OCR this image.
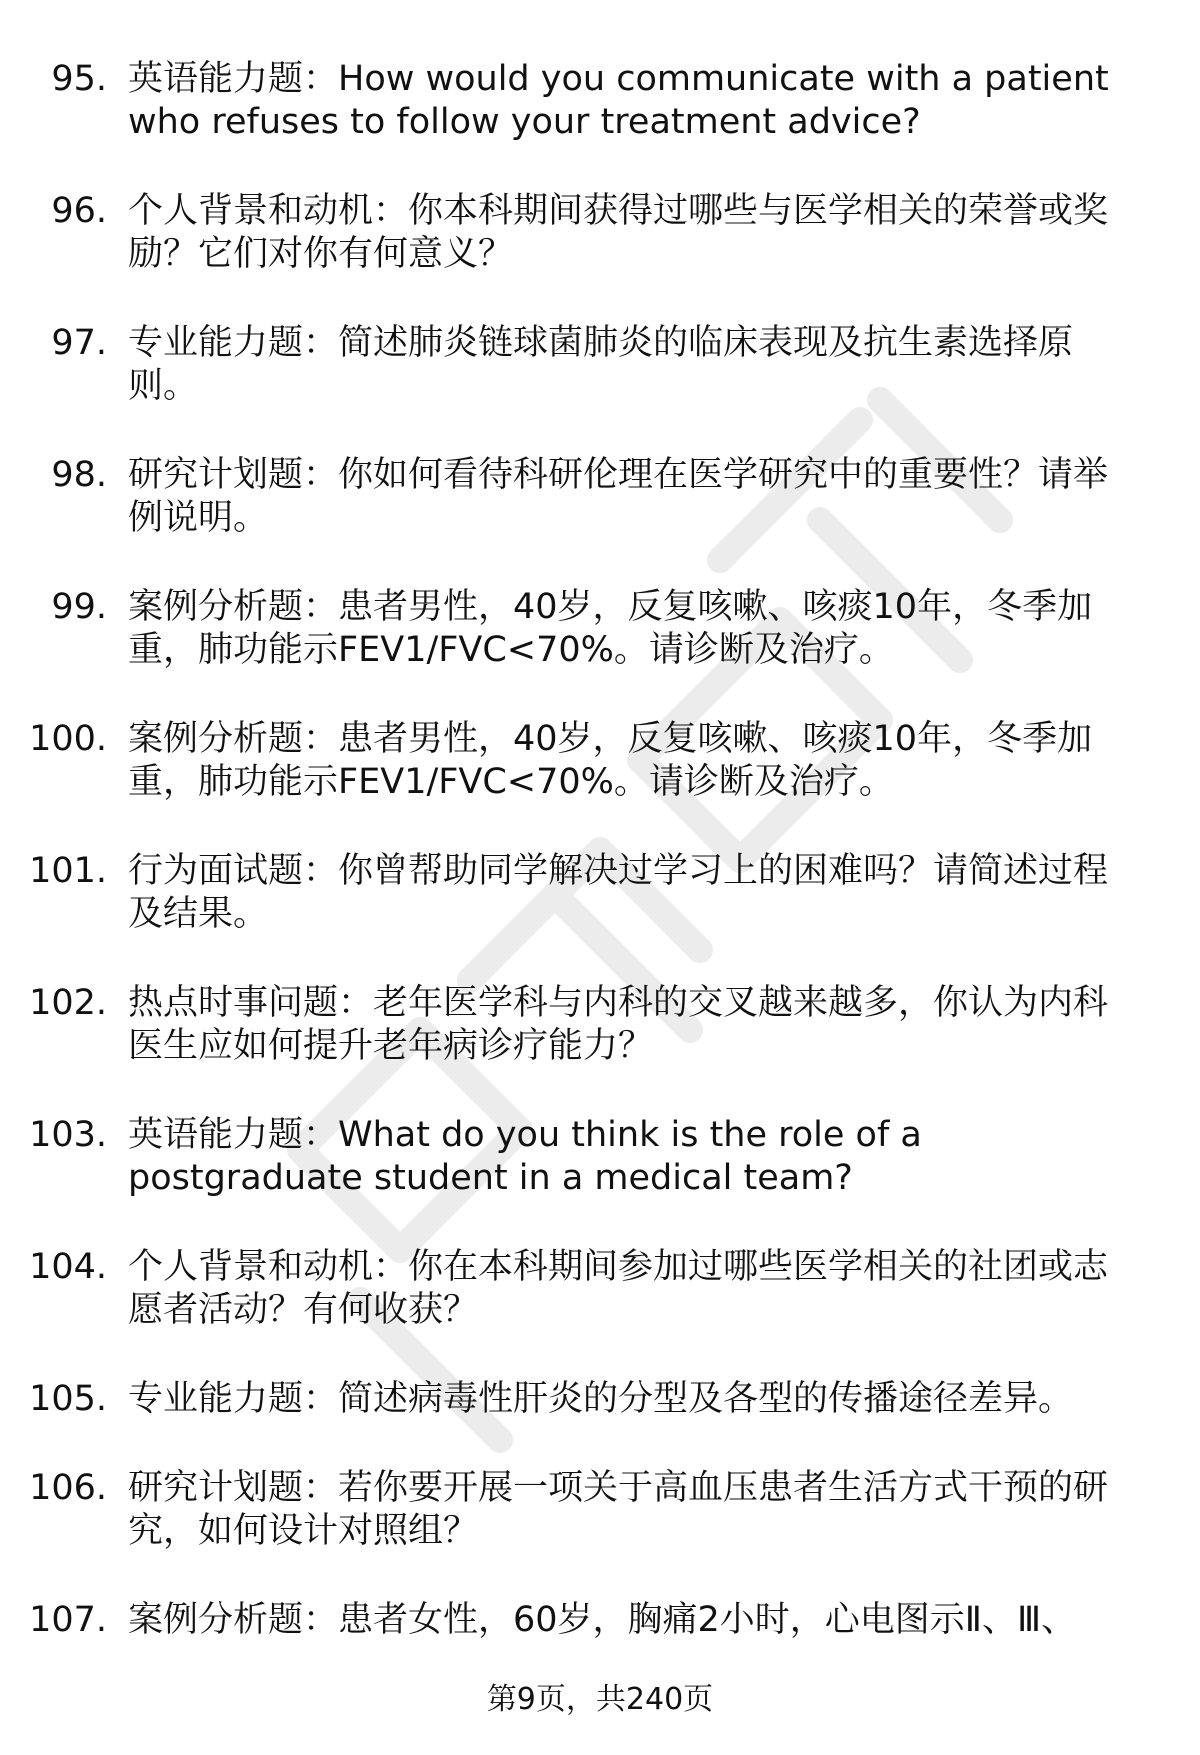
95. 英语能力题：How would you communicate with a patient
who refuses to follow your treatment advice?
96. 个人背景和动机：你本科期间获得过哪些与医学相关的荣誉或奖
励？它们对你有何意义？
97. 专业能力题：简述肺炎链球菌肺炎的临床表现及抗生素选择原
则。
98. 研究计划题：你如何看待科研伦理在医学研究中的重要性？请举
例说明。
99. 案例分析题：患者男性，40岁，反复咳嗽、咳痰10年，冬季加
重，肺功能示FEV1/FVC<70%。请诊断及治疗。
100. 案例分析题：患者男性，40岁，反复咳嗽、咳痰10年，冬季加
重，肺功能示FEV1/FVC<70%。请诊断及治疗。
101. 行为面试题：你曾帮助同学解决过学习上的困难吗？请简述过程
及结果。
102. 热点时事问题：老年医学科与内科的交叉越来越多，你认为内科
医生应如何提升老年病诊疗能力？
103. 英语能力题：What do you think is the role of a
postgraduate student in a medical team?
104. 个人背景和动机：你在本科期间参加过哪些医学相关的社团或志
愿者活动？有何收获？
105. 专业能力题：简述病毒性肝炎的分型及各型的传播途径差异。
106. 研究计划题：若你要开展一项关于高血压患者生活方式干预的研
究，如何设计对照组？
107. 案例分析题：患者女性，60岁，胸痛2小时，心电图示Ⅱ、Ⅲ、
第9页，共240页
